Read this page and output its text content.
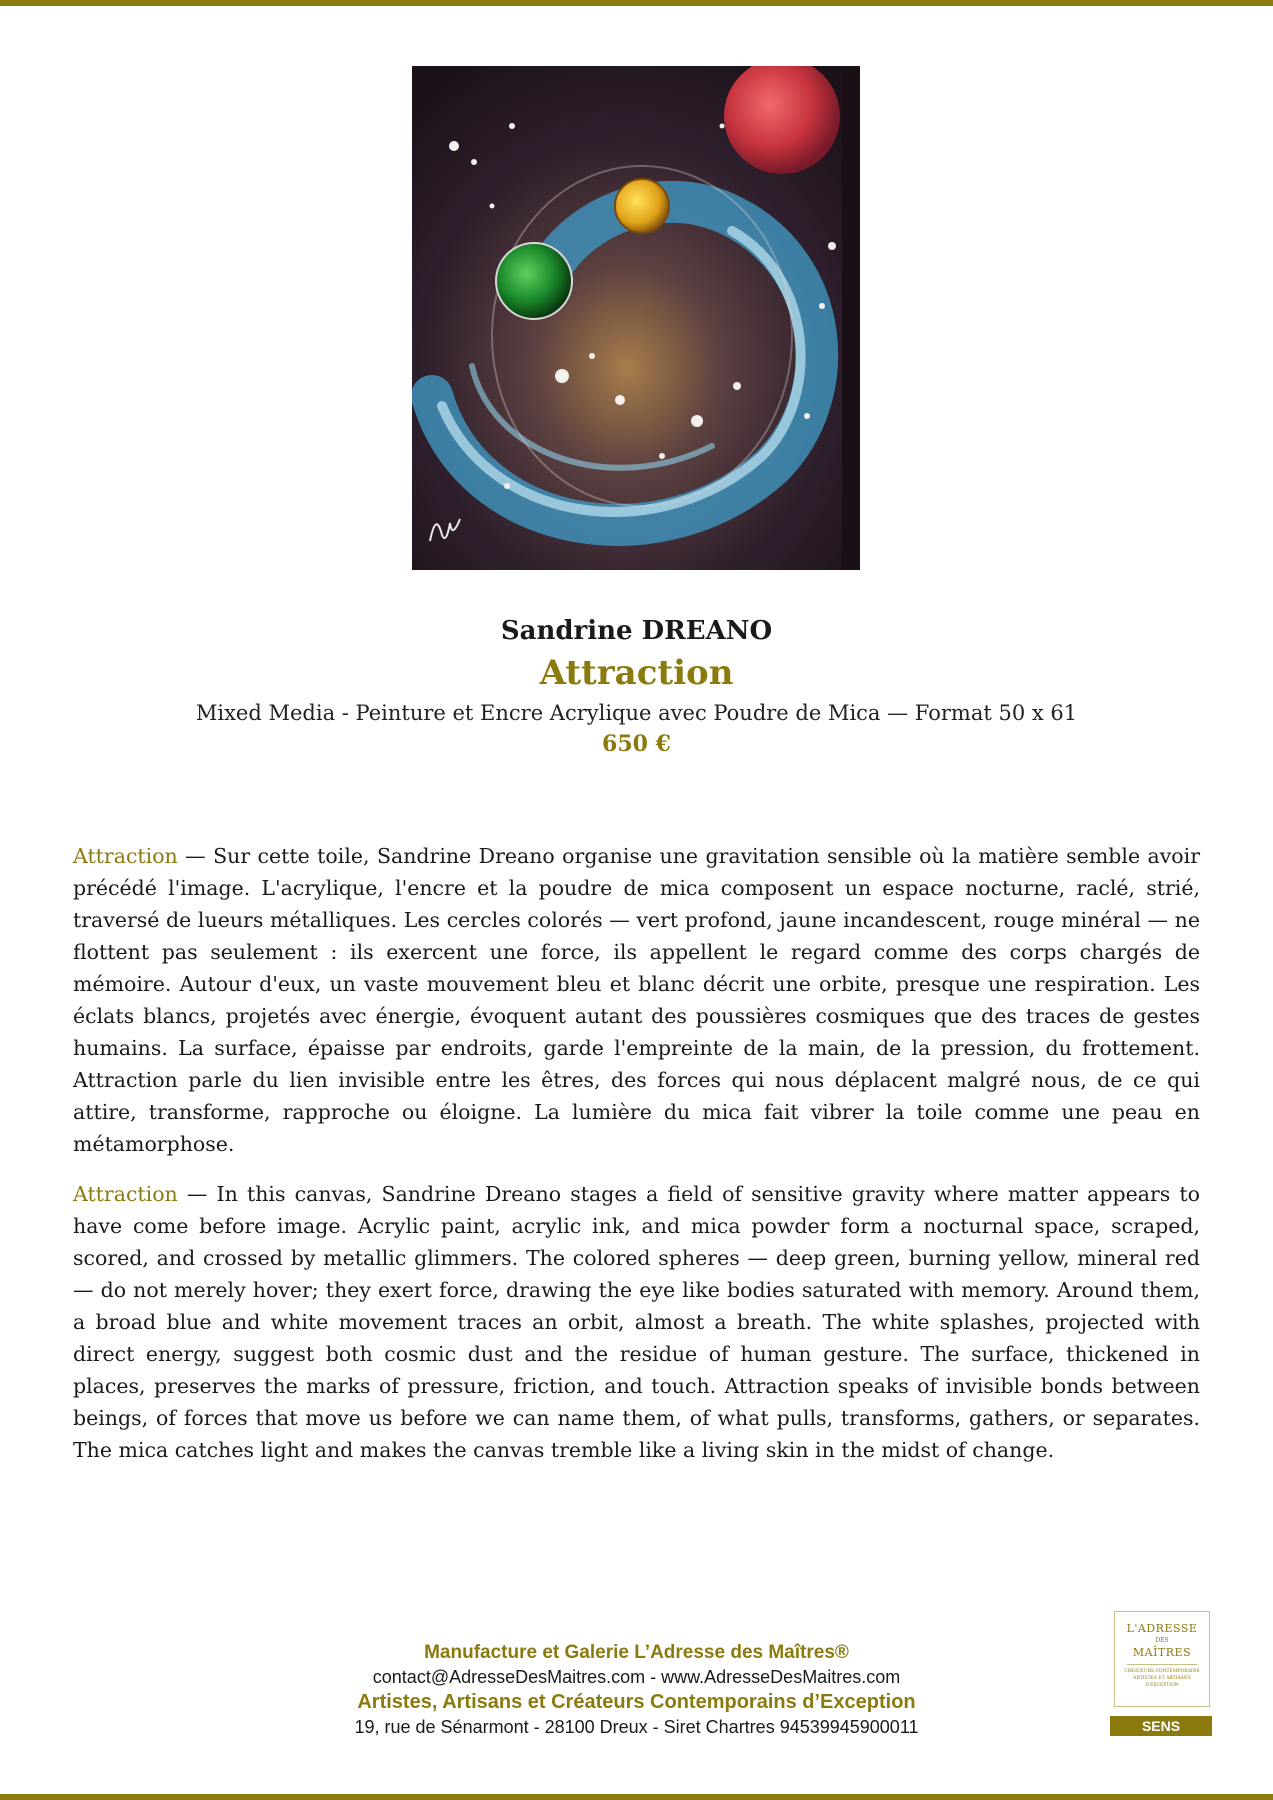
Sandrine DREANO

Attraction

Mixed Media - Peinture et Encre Acrylique avec Poudre de Mica — Format 50 x 61

650 €

Attraction — Sur cette toile, Sandrine Dreano organise une gravitation sensible où la matière semble avoir précédé l'image. L'acrylique, l'encre et la poudre de mica composent un espace nocturne, raclé, strié, traversé de lueurs métalliques. Les cercles colorés — vert profond, jaune incandescent, rouge minéral — ne flottent pas seulement : ils exercent une force, ils appellent le regard comme des corps chargés de mémoire. Autour d'eux, un vaste mouvement bleu et blanc décrit une orbite, presque une respiration. Les éclats blancs, projetés avec énergie, évoquent autant des poussières cosmiques que des traces de gestes humains. La surface, épaisse par endroits, garde l'empreinte de la main, de la pression, du frottement. Attraction parle du lien invisible entre les êtres, des forces qui nous déplacent malgré nous, de ce qui attire, transforme, rapproche ou éloigne. La lumière du mica fait vibrer la toile comme une peau en métamorphose.

Attraction — In this canvas, Sandrine Dreano stages a field of sensitive gravity where matter appears to have come before image. Acrylic paint, acrylic ink, and mica powder form a nocturnal space, scraped, scored, and crossed by metallic glimmers. The colored spheres — deep green, burning yellow, mineral red — do not merely hover; they exert force, drawing the eye like bodies saturated with memory. Around them, a broad blue and white movement traces an orbit, almost a breath. The white splashes, projected with direct energy, suggest both cosmic dust and the residue of human gesture. The surface, thickened in places, preserves the marks of pressure, friction, and touch. Attraction speaks of invisible bonds between beings, of forces that move us before we can name them, of what pulls, transforms, gathers, or separates. The mica catches light and makes the canvas tremble like a living skin in the midst of change.

Manufacture et Galerie L’Adresse des Maîtres®
contact@AdresseDesMaitres.com - www.AdresseDesMaitres.com
Artistes, Artisans et Créateurs Contemporains d’Exception
19, rue de Sénarmont - 28100 Dreux - Siret Chartres 94539945900011
L'ADRESSE
DES
MAÎTRES
CRÉATEURS CONTEMPORAINS ARTISTES ET ARTISANS D'EXCEPTION
SENS
